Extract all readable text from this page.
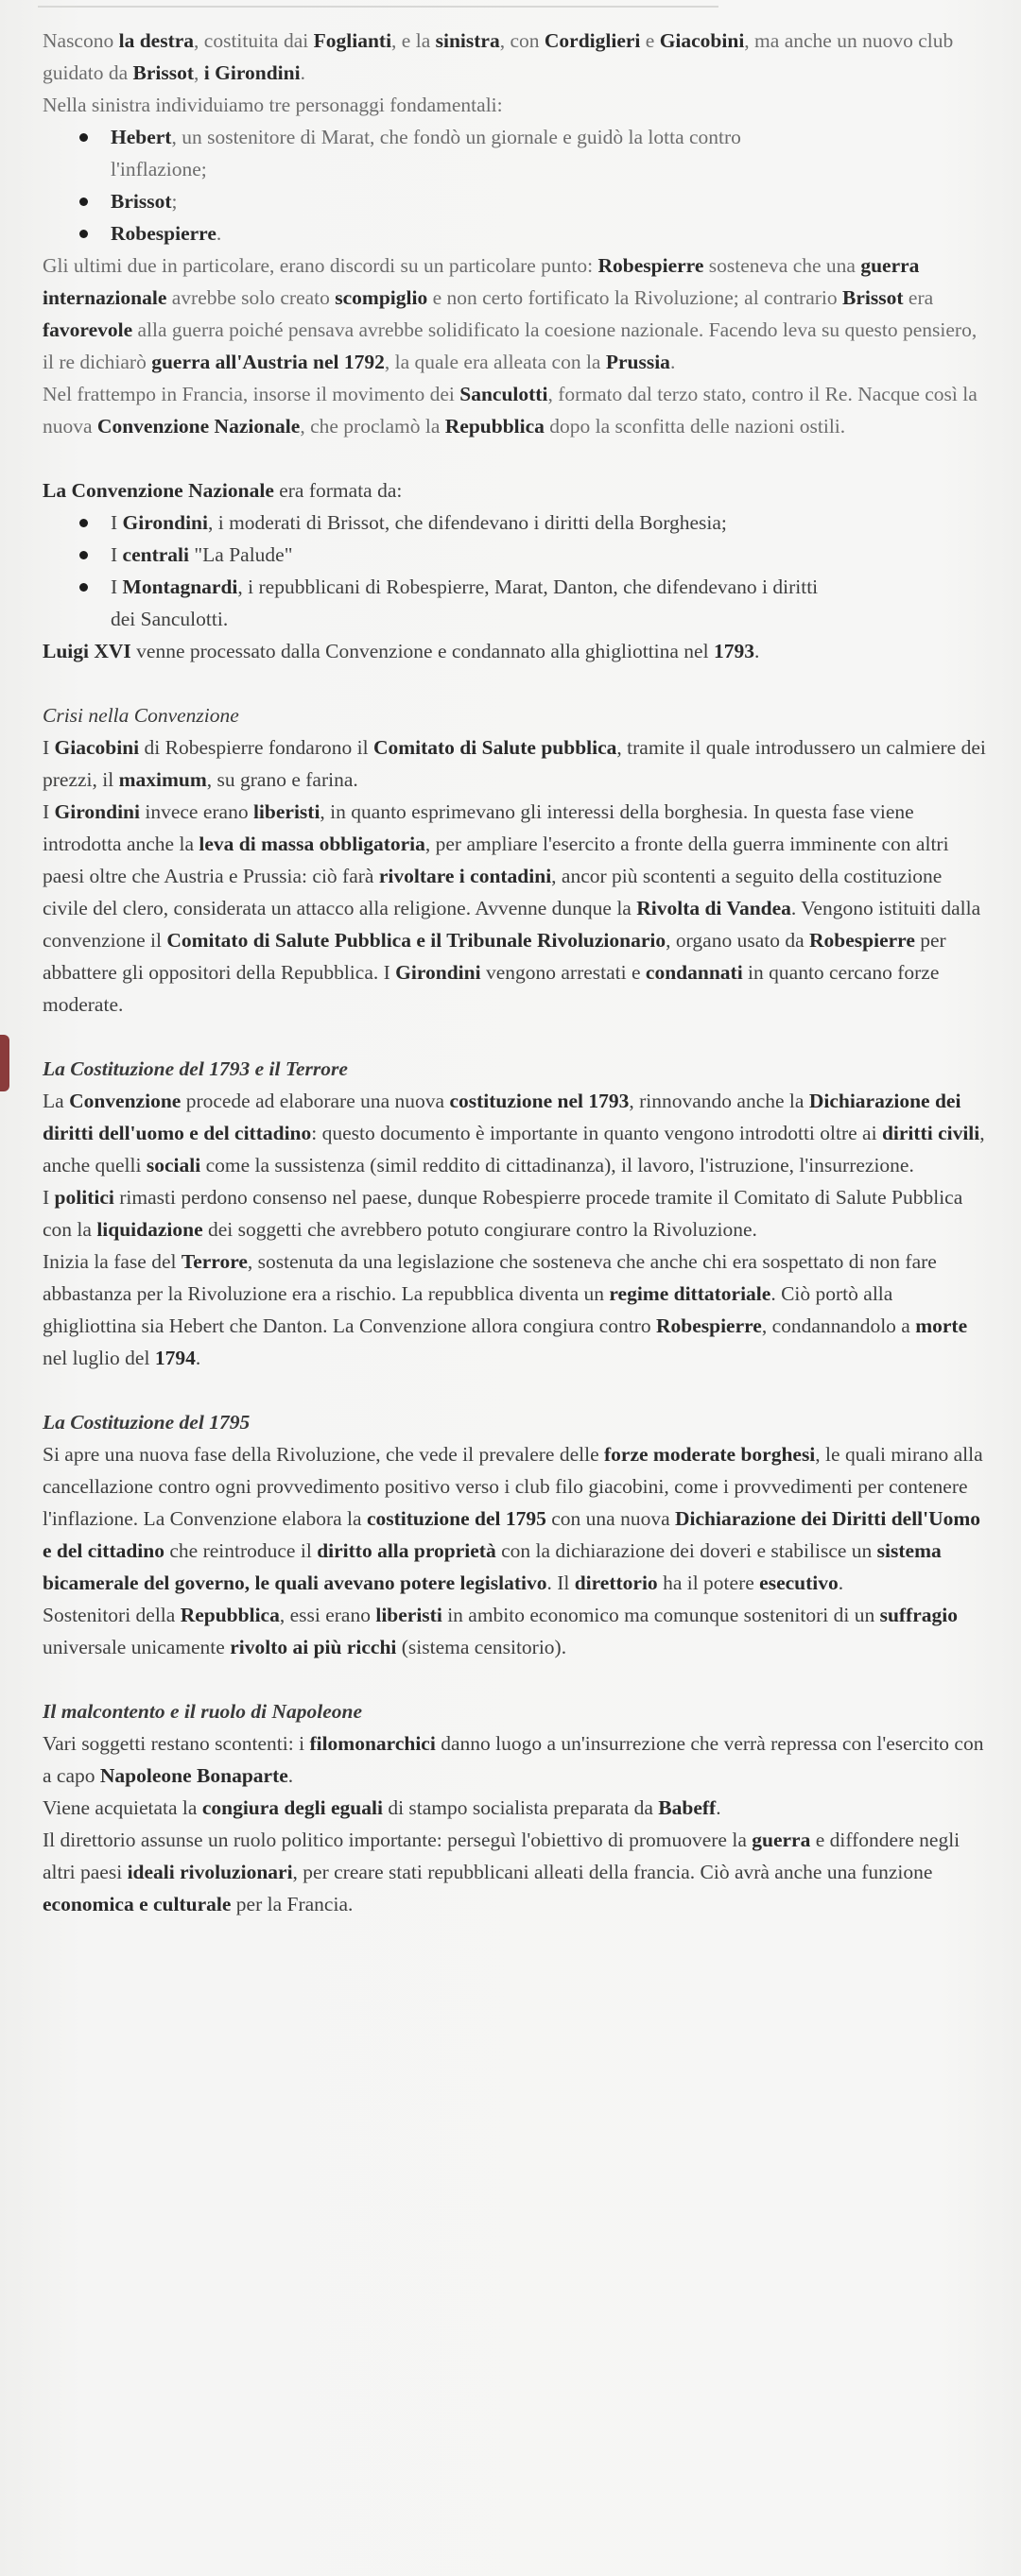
Nascono la destra, costituita dai Foglianti, e la sinistra, con Cordiglieri e Giacobini, ma anche un nuovo club guidato da Brissot, i Girondini.

Nella sinistra individuiamo tre personaggi fondamentali:

Hebert, un sostenitore di Marat, che fondò un giornale e guidò la lotta contro l'inflazione;
Brissot;
Robespierre.

Gli ultimi due in particolare, erano discordi su un particolare punto: Robespierre sosteneva che una guerra internazionale avrebbe solo creato scompiglio e non certo fortificato la Rivoluzione; al contrario Brissot era favorevole alla guerra poiché pensava avrebbe solidificato la coesione nazionale. Facendo leva su questo pensiero, il re dichiarò guerra all'Austria nel 1792, la quale era alleata con la Prussia.

Nel frattempo in Francia, insorse il movimento dei Sanculotti, formato dal terzo stato, contro il Re. Nacque così la nuova Convenzione Nazionale, che proclamò la Repubblica dopo la sconfitta delle nazioni ostili.

La Convenzione Nazionale era formata da:

I Girondini, i moderati di Brissot, che difendevano i diritti della Borghesia;
I centrali "La Palude"
I Montagnardi, i repubblicani di Robespierre, Marat, Danton, che difendevano i diritti dei Sanculotti.

Luigi XVI venne processato dalla Convenzione e condannato alla ghigliottina nel 1793.

Crisi nella Convenzione

I Giacobini di Robespierre fondarono il Comitato di Salute pubblica, tramite il quale introdussero un calmiere dei prezzi, il maximum, su grano e farina.

I Girondini invece erano liberisti, in quanto esprimevano gli interessi della borghesia. In questa fase viene introdotta anche la leva di massa obbligatoria, per ampliare l'esercito a fronte della guerra imminente con altri paesi oltre che Austria e Prussia: ciò farà rivoltare i contadini, ancor più scontenti a seguito della costituzione civile del clero, considerata un attacco alla religione. Avvenne dunque la Rivolta di Vandea. Vengono istituiti dalla convenzione il Comitato di Salute Pubblica e il Tribunale Rivoluzionario, organo usato da Robespierre per abbattere gli oppositori della Repubblica. I Girondini vengono arrestati e condannati in quanto cercano forze moderate.

La Costituzione del 1793 e il Terrore

La Convenzione procede ad elaborare una nuova costituzione nel 1793, rinnovando anche la Dichiarazione dei diritti dell'uomo e del cittadino: questo documento è importante in quanto vengono introdotti oltre ai diritti civili, anche quelli sociali come la sussistenza (simil reddito di cittadinanza), il lavoro, l'istruzione, l'insurrezione.

I politici rimasti perdono consenso nel paese, dunque Robespierre procede tramite il Comitato di Salute Pubblica con la liquidazione dei soggetti che avrebbero potuto congiurare contro la Rivoluzione.

Inizia la fase del Terrore, sostenuta da una legislazione che sosteneva che anche chi era sospettato di non fare abbastanza per la Rivoluzione era a rischio. La repubblica diventa un regime dittatoriale. Ciò portò alla ghigliottina sia Hebert che Danton. La Convenzione allora congiura contro Robespierre, condannandolo a morte nel luglio del 1794.

La Costituzione del 1795

Si apre una nuova fase della Rivoluzione, che vede il prevalere delle forze moderate borghesi, le quali mirano alla cancellazione contro ogni provvedimento positivo verso i club filo giacobini, come i provvedimenti per contenere l'inflazione. La Convenzione elabora la costituzione del 1795 con una nuova Dichiarazione dei Diritti dell'Uomo e del cittadino che reintroduce il diritto alla proprietà con la dichiarazione dei doveri e stabilisce un sistema bicamerale del governo, le quali avevano potere legislativo. Il direttorio ha il potere esecutivo.

Sostenitori della Repubblica, essi erano liberisti in ambito economico ma comunque sostenitori di un suffragio universale unicamente rivolto ai più ricchi (sistema censitorio).

Il malcontento e il ruolo di Napoleone

Vari soggetti restano scontenti: i filomonarchici danno luogo a un'insurrezione che verrà repressa con l'esercito con a capo Napoleone Bonaparte.

Viene acquietata la congiura degli eguali di stampo socialista preparata da Babeff.

Il direttorio assunse un ruolo politico importante: perseguì l'obiettivo di promuovere la guerra e diffondere negli altri paesi ideali rivoluzionari, per creare stati repubblicani alleati della francia. Ciò avrà anche una funzione economica e culturale per la Francia.
